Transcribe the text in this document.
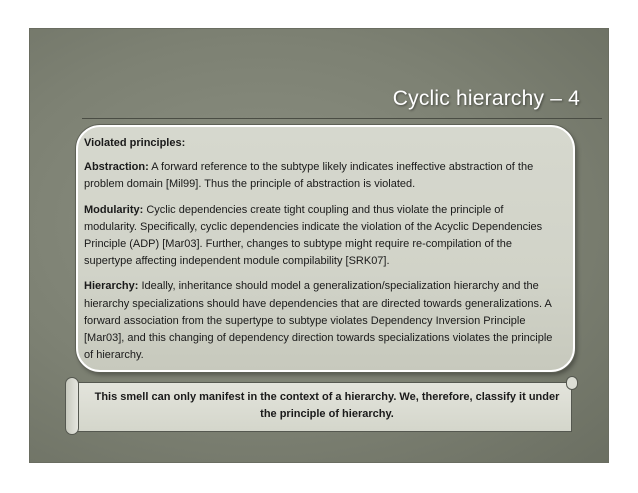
Cyclic hierarchy – 4

Violated principles:

Abstraction: A forward reference to the subtype likely indicates ineffective abstraction of the problem domain [Mil99]. Thus the principle of abstraction is violated.

Modularity: Cyclic dependencies create tight coupling and thus violate the principle of modularity. Specifically, cyclic dependencies indicate the violation of the Acyclic Dependencies Principle (ADP) [Mar03]. Further, changes to subtype might require re-compilation of the supertype affecting independent module compilability [SRK07].

Hierarchy: Ideally, inheritance should model a generalization/specialization hierarchy and the hierarchy specializations should have dependencies that are directed towards generalizations. A forward association from the supertype to subtype violates Dependency Inversion Principle [Mar03], and this changing of dependency direction towards specializations violates the principle of hierarchy.

This smell can only manifest in the context of a hierarchy. We, therefore, classify it under the principle of hierarchy.
